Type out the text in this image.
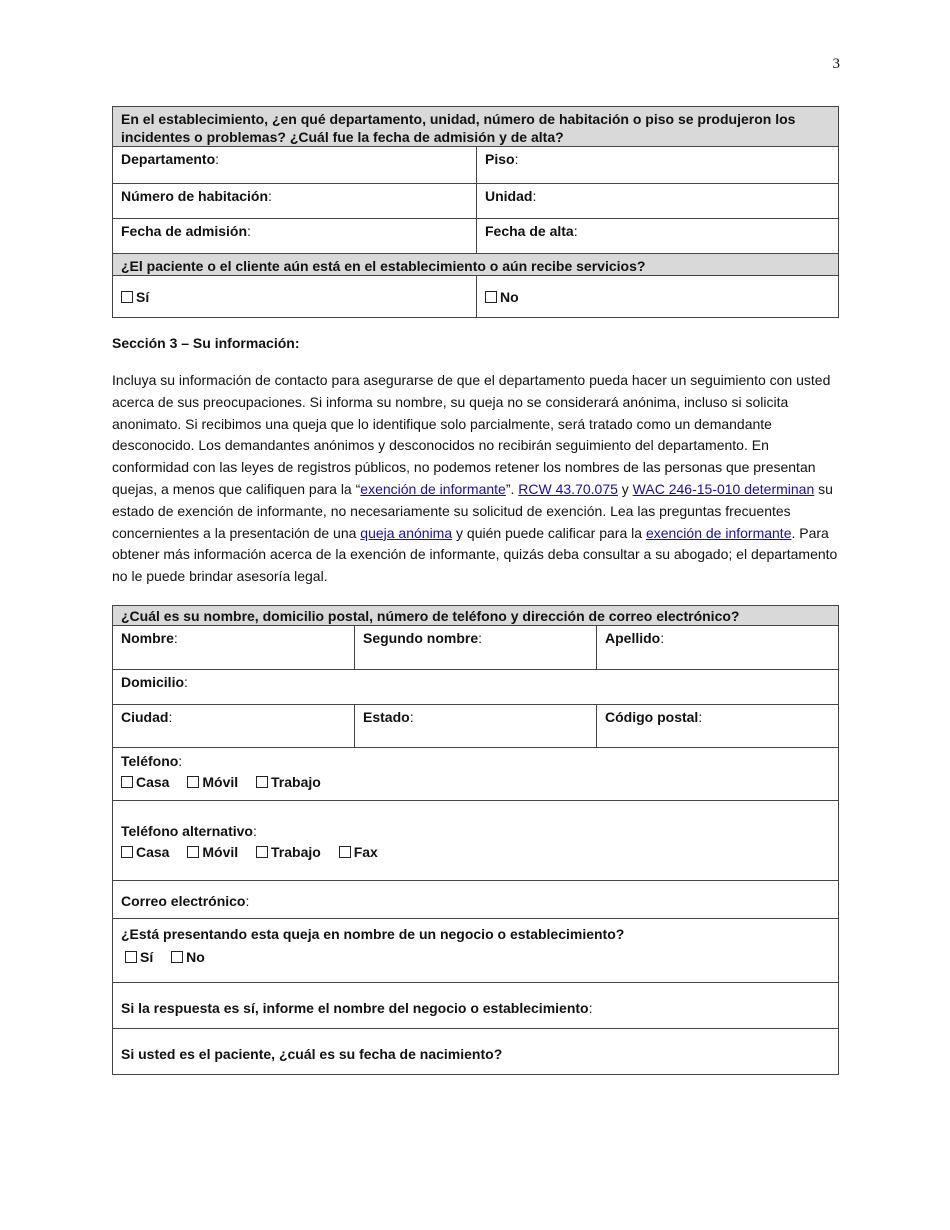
3
En el establecimiento, ¿en qué departamento, unidad, número de habitación o piso se produjeron los incidentes o problemas? ¿Cuál fue la fecha de admisión y de alta?	
Departamento:	Piso:
Número de habitación:	Unidad:
Fecha de admisión:	Fecha de alta:
¿El paciente o el cliente aún está en el establecimiento o aún recibe servicios?	
Sí	No
Sección 3 – Su información:
Incluya su información de contacto para asegurarse de que el departamento pueda hacer un seguimiento con usted acerca de sus preocupaciones. Si informa su nombre, su queja no se considerará anónima, incluso si solicita anonimato. Si recibimos una queja que lo identifique solo parcialmente, será tratado como un demandante desconocido. Los demandantes anónimos y desconocidos no recibirán seguimiento del departamento. En conformidad con las leyes de registros públicos, no podemos retener los nombres de las personas que presentan quejas, a menos que califiquen para la “exención de informante”. RCW 43.70.075 y WAC 246-15-010 determinan su estado de exención de informante, no necesariamente su solicitud de exención. Lea las preguntas frecuentes concernientes a la presentación de una queja anónima y quién puede calificar para la exención de informante. Para obtener más información acerca de la exención de informante, quizás deba consultar a su abogado; el departamento no le puede brindar asesoría legal.
¿Cuál es su nombre, domicilio postal, número de teléfono y dirección de correo electrónico?		
Nombre:	Segundo nombre:	Apellido:
Domicilio:		
Ciudad:	Estado:	Código postal:

Teléfono:
Casa Móvil Trabajo		

Teléfono alternativo:
Casa Móvil Trabajo Fax		

Correo electrónico:		

¿Está presentando esta queja en nombre de un negocio o establecimiento?
Sí No		

Si la respuesta es sí, informe el nombre del negocio o establecimiento:		
Si usted es el paciente, ¿cuál es su fecha de nacimiento?		
